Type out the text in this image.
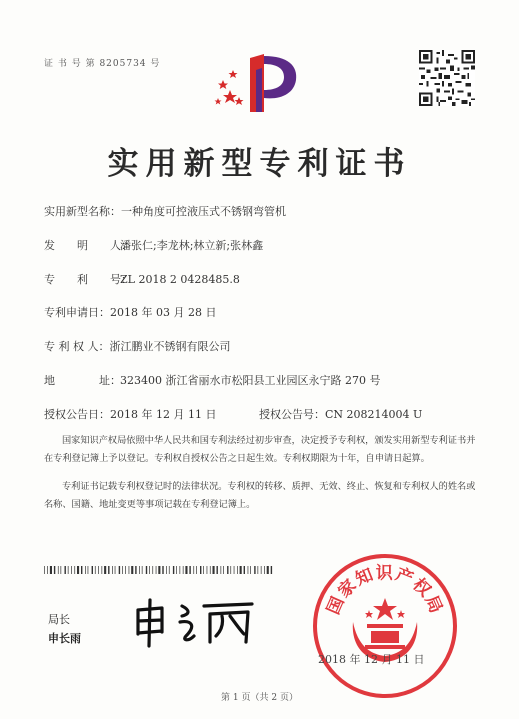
证 书 号 第 8205734 号
实用新型专利证书
实用新型名称：一种角度可控液压式不锈钢弯管机
发　　明　　人：潘张仁;李龙林;林立新;张林鑫
专　　利　　号：ZL 2018 2 0428485.8
专利申请日：2018 年 03 月 28 日
专 利 权 人：浙江鹏业不锈钢有限公司
地　　　　址：323400 浙江省丽水市松阳县工业园区永宁路 270 号
授权公告日：2018 年 12 月 11 日	授权公告号：CN 208214004 U
国家知识产权局依照中华人民共和国专利法经过初步审查，决定授予专利权，颁发实用新型专利证书并在专利登记簿上予以登记。专利权自授权公告之日起生效。专利权期限为十年，自申请日起算。
专利证书记载专利权登记时的法律状况。专利权的转移、质押、无效、终止、恢复和专利权人的姓名或名称、国籍、地址变更等事项记载在专利登记簿上。
局长
申长雨
国家知识产权局
2018 年 12 月 11 日
第 1 页（共 2 页）
